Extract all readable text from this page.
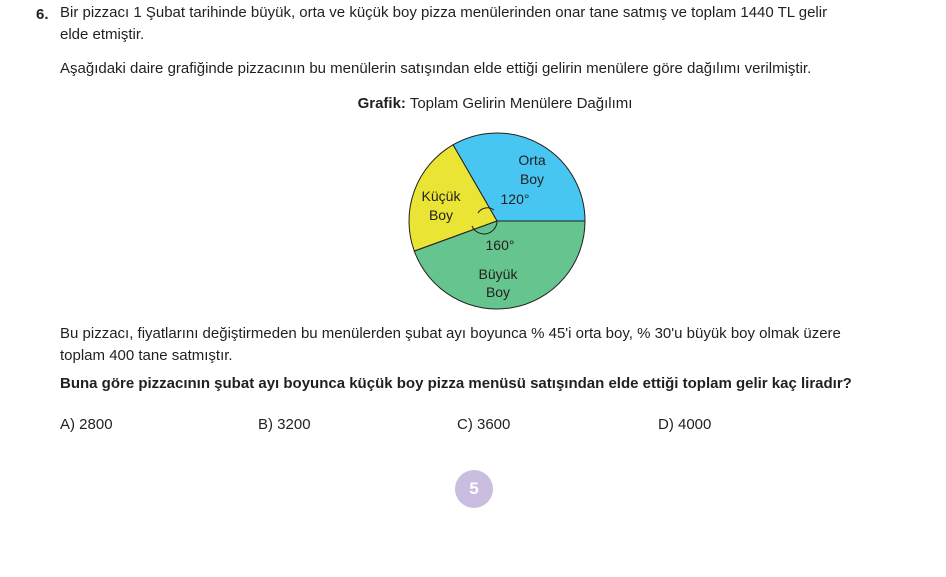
6. Bir pizzacı 1 Şubat tarihinde büyük, orta ve küçük boy pizza menülerinden onar tane satmış ve toplam 1440 TL gelir
elde etmiştir.
Aşağıdaki daire grafiğinde pizzacının bu menülerin satışından elde ettiği gelirin menülere göre dağılımı verilmiştir.
Grafik: Toplam Gelirin Menülere Dağılımı
Orta
Boy
120°
Küçük
Boy
160°
Büyük
Boy
Bu pizzacı, fiyatlarını değiştirmeden bu menülerden şubat ayı boyunca % 45'i orta boy, % 30'u büyük boy olmak üzere
toplam 400 tane satmıştır.
Buna göre pizzacının şubat ayı boyunca küçük boy pizza menüsü satışından elde ettiği toplam gelir kaç liradır?
A) 2800	B) 3200	C) 3600	D) 4000
5
